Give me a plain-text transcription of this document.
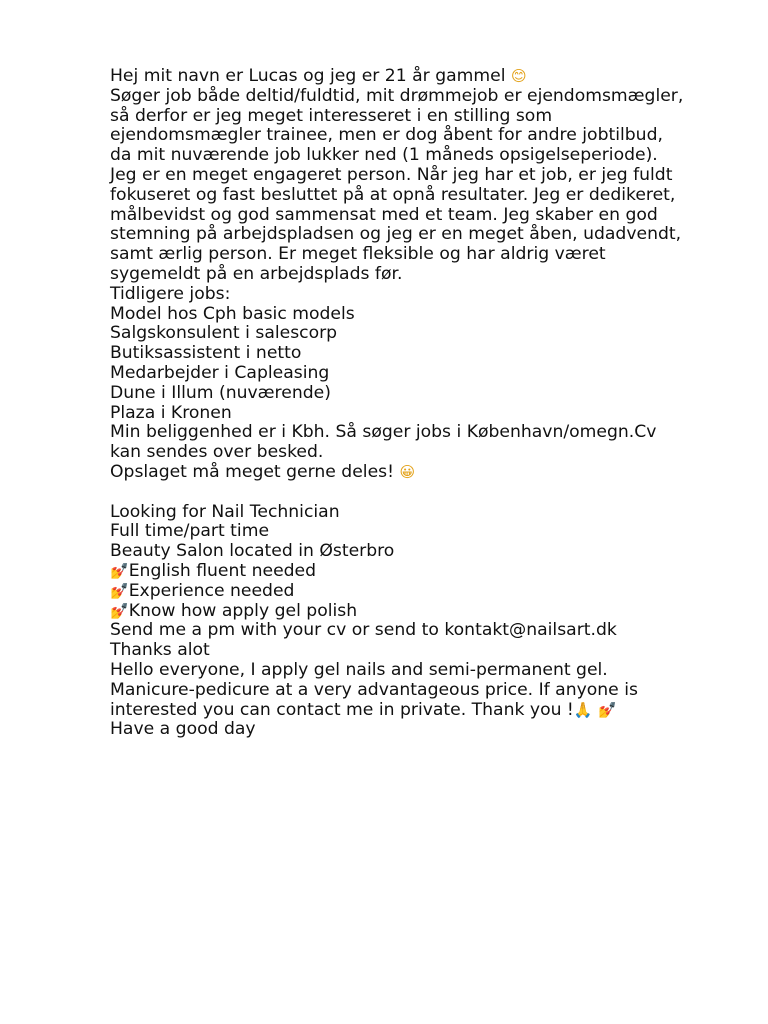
Hej mit navn er Lucas og jeg er 21 år gammel 😊
Søger job både deltid/fuldtid, mit drømmejob er ejendomsmægler,
så derfor er jeg meget interesseret i en stilling som
ejendomsmægler trainee, men er dog åbent for andre jobtilbud,
da mit nuværende job lukker ned (1 måneds opsigelseperiode).
Jeg er en meget engageret person. Når jeg har et job, er jeg fuldt
fokuseret og fast besluttet på at opnå resultater. Jeg er dedikeret,
målbevidst og god sammensat med et team. Jeg skaber en god
stemning på arbejdspladsen og jeg er en meget åben, udadvendt,
samt ærlig person. Er meget fleksible og har aldrig været
sygemeldt på en arbejdsplads før.
Tidligere jobs:
Model hos Cph basic models
Salgskonsulent i salescorp
Butiksassistent i netto
Medarbejder i Capleasing
Dune i Illum (nuværende)
Plaza i Kronen
Min beliggenhed er i Kbh. Så søger jobs i København/omegn.Cv
kan sendes over besked.
Opslaget må meget gerne deles! 😀
Looking for Nail Technician
Full time/part time
Beauty Salon located in Østerbro
💅English fluent needed
💅Experience needed
💅Know how apply gel polish
Send me a pm with your cv or send to kontakt@nailsart.dk
Thanks alot
Hello everyone, I apply gel nails and semi-permanent gel.
Manicure-pedicure at a very advantageous price. If anyone is
interested you can contact me in private. Thank you !🙏 💅
Have a good day
